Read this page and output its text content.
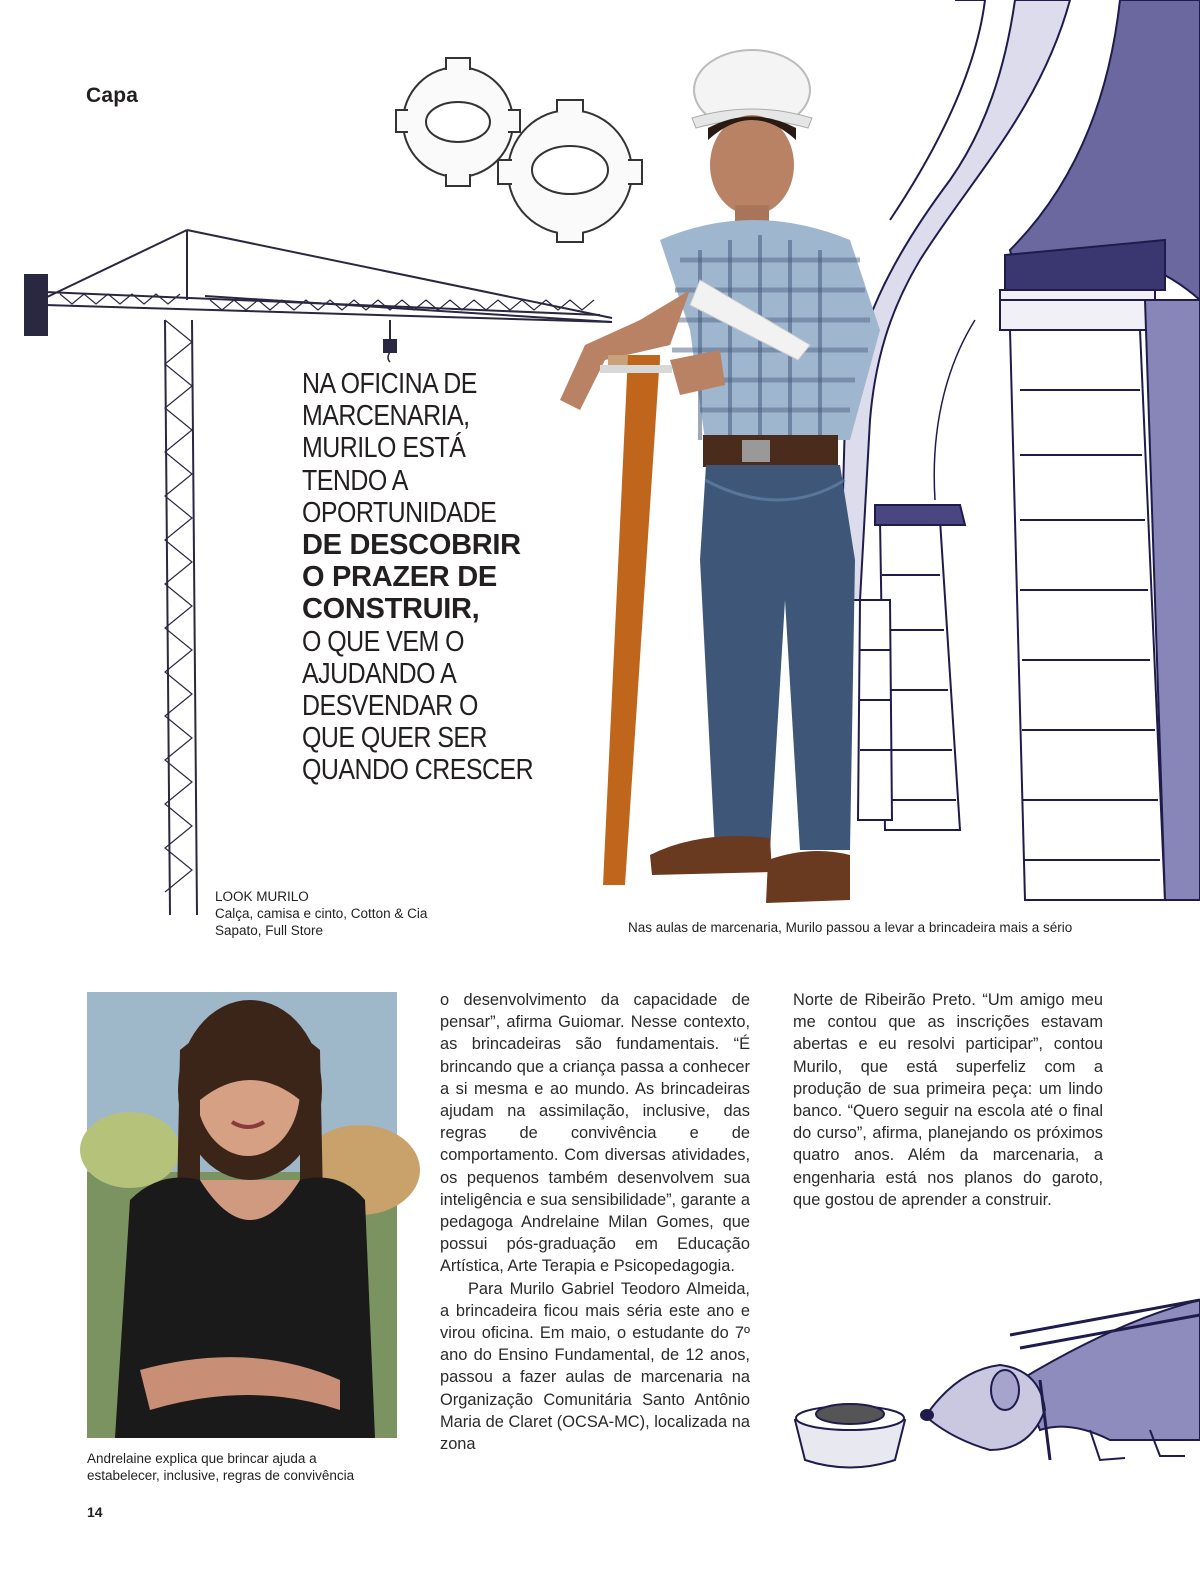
Capa
NA OFICINA DE
MARCENARIA,
MURILO ESTÁ
TENDO A
OPORTUNIDADE
DE DESCOBRIR
O PRAZER DE
CONSTRUIR,
O QUE VEM O
AJUDANDO A
DESVENDAR O
QUE QUER SER
QUANDO CRESCER
LOOK MURILO
Calça, camisa e cinto, Cotton & Cia
Sapato, Full Store	Nas aulas de marcenaria, Murilo passou a levar a brincadeira mais a sério
Andrelaine explica que brincar ajuda a
estabelecer, inclusive, regras de convivência

o desenvolvimento da capacidade de pensar”, afirma Guiomar. Nesse contexto, as brincadeiras são fundamentais. “É brincando que a criança passa a conhecer a si mesma e ao mundo. As brincadeiras ajudam na assimilação, inclusive, das regras de convivência e de comportamento. Com diversas atividades, os pequenos também desenvolvem sua inteligência e sua sensibilidade”, garante a pedagoga Andrelaine Milan Gomes, que possui pós-graduação em Educação Artística, Arte Terapia e Psicopedagogia.

Para Murilo Gabriel Teodoro Almeida, a brincadeira ficou mais séria este ano e virou oficina. Em maio, o estudante do 7º ano do Ensino Fundamental, de 12 anos, passou a fazer aulas de marcenaria na Organização Comunitária Santo Antônio Maria de Claret (OCSA-MC), localizada na zona

Norte de Ribeirão Preto. “Um amigo meu me contou que as inscrições estavam abertas e eu resolvi participar”, contou Murilo, que está superfeliz com a produção de sua primeira peça: um lindo banco. “Quero seguir na escola até o final do curso”, afirma, planejando os próximos quatro anos. Além da marcenaria, a engenharia está nos planos do garoto, que gostou de aprender a construir.

14
